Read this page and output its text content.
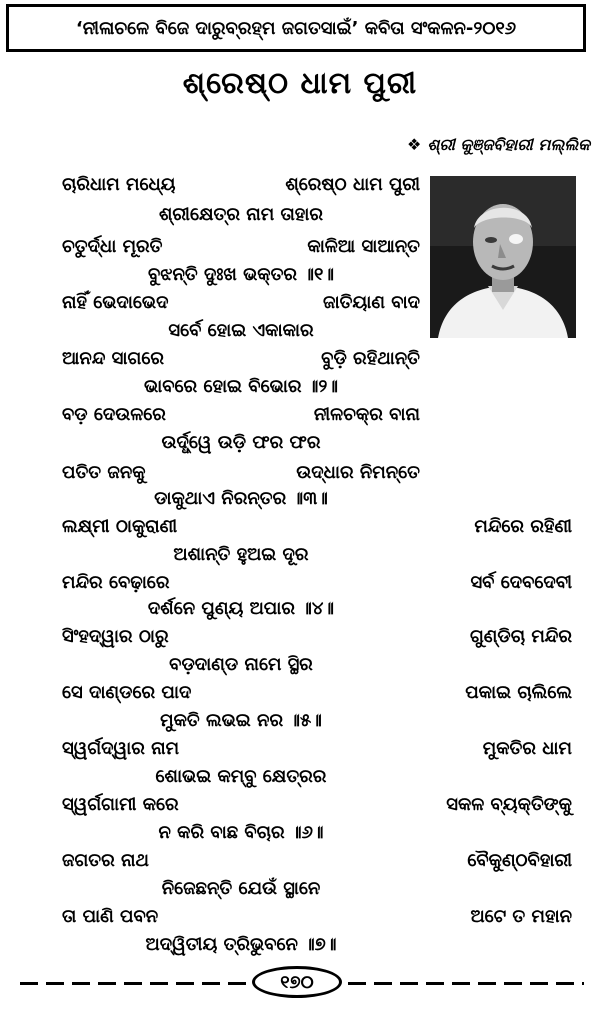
‘ନୀଳାଚଳେ ବିଜେ ଦାରୁବ୍ରହ୍ମ ଜଗତସାଇଁ’ କବିତା ସଂକଳନ-୨୦୧୬
ଶ୍ରେଷ୍ଠ ଧାମ ପୁରୀ
❖ ଶ୍ରୀ କୁଞ୍ଜବିହାରୀ ମଲ୍ଲିକ
ଚାରିଧାମ ମଧ୍ୟେ	ଶ୍ରେଷ୍ଠ ଧାମ ପୁରୀ
ଶ୍ରୀକ୍ଷେତ୍ର ନାମ ତାହାର
ଚତୁର୍ଦ୍ଧା ମୂରତି	କାଳିଆ ସାଆନ୍ତ
ବୁଝନ୍ତି ଦୁଃଖ ଭକ୍ତର ॥୧॥
ନାହିଁ ଭେଦାଭେଦ	ଜାତିୟାଣ ବାଦ
ସର୍ବେ ହୋଇ ଏକାକାର
ଆନନ୍ଦ ସାଗରେ	ବୁଡ଼ି ରହିଥାନ୍ତି
ଭାବରେ ହୋଇ ବିଭୋର ॥୨॥
ବଡ଼ ଦେଉଳରେ	ନୀଳଚକ୍ର ବାନା
ଉର୍ଦ୍ଧ୍ୱେ ଉଡ଼ି ଫର ଫର
ପତିତ ଜନକୁ	ଉଦ୍ଧାର ନିମନ୍ତେ
ଡାକୁଥାଏ ନିରନ୍ତର ॥୩॥
ଲକ୍ଷ୍ମୀ ଠାକୁରାଣୀ	ମନ୍ଦିରେ ରହିଣୀ
ଅଶାନ୍ତି ହୁଅଇ ଦୂର
ମନ୍ଦିର ବେଢ଼ାରେ	ସର୍ବ ଦେବଦେବୀ
ଦର୍ଶନେ ପୁଣ୍ୟ ଅପାର ॥୪॥
ସିଂହଦ୍ୱାର ଠାରୁ	ଗୁଣ୍ଡିଚା ମନ୍ଦିର
ବଡ଼ଦାଣ୍ଡ ନାମେ ସ୍ଥିର
ସେ ଦାଣ୍ଡରେ ପାଦ	ପକାଇ ଚାଲିଲେ
ମୁକତି ଲଭଇ ନର ॥୫॥
ସ୍ୱର୍ଗଦ୍ୱାର ନାମ	ମୁକତିର ଧାମ
ଶୋଭଇ କମ୍ବୁ କ୍ଷେତ୍ରର
ସ୍ୱର୍ଗଗାମୀ କରେ	ସକଳ ବ୍ୟକ୍ତିଙ୍କୁ
ନ କରି ବାଛ ବିଚାର ॥୬॥
ଜଗତର ନାଥ	ବୈକୁଣ୍ଠବିହାରୀ
ନିଜେଛନ୍ତି ଯେଉଁ ସ୍ଥାନେ
ତା ପାଣି ପବନ	ଅଟେ ତ ମହାନ
ଅଦ୍ୱିତୀୟ ତ୍ରିଭୁବନେ ॥୭॥
୧୭୦
